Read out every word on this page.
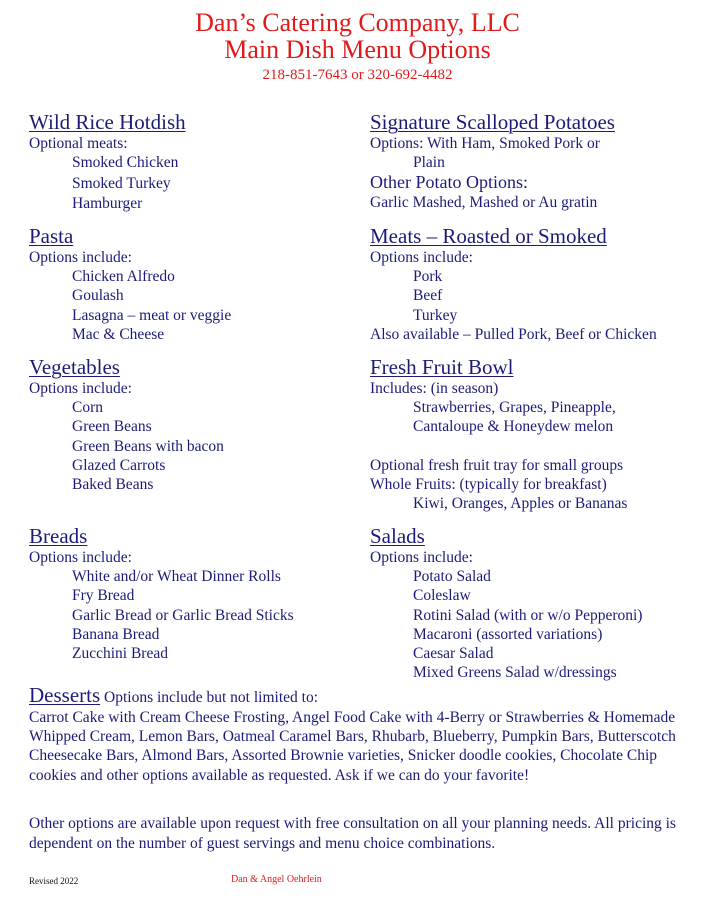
Dan’s Catering Company, LLC
Main Dish Menu Options
218-851-7643 or 320-692-4482
Wild Rice Hotdish
Optional meats:
Smoked Chicken
Smoked Turkey
Hamburger
Pasta
Options include:
Chicken Alfredo
Goulash
Lasagna – meat or veggie
Mac & Cheese
Vegetables
Options include:
Corn
Green Beans
Green Beans with bacon
Glazed Carrots
Baked Beans
Breads
Options include:
White and/or Wheat Dinner Rolls
Fry Bread
Garlic Bread or Garlic Bread Sticks
Banana Bread
Zucchini Bread
Signature Scalloped Potatoes
Options: With Ham, Smoked Pork or
Plain
Other Potato Options:
Garlic Mashed, Mashed or Au gratin
Meats – Roasted or Smoked
Options include:
Pork
Beef
Turkey
Also available – Pulled Pork, Beef or Chicken
Fresh Fruit Bowl
Includes: (in season)
Strawberries, Grapes, Pineapple,
Cantaloupe & Honeydew melon
Optional fresh fruit tray for small groups
Whole Fruits: (typically for breakfast)
Kiwi, Oranges, Apples or Bananas
Salads
Options include:
Potato Salad
Coleslaw
Rotini Salad (with or w/o Pepperoni)
Macaroni (assorted variations)
Caesar Salad
Mixed Greens Salad w/dressings
Desserts Options include but not limited to:
Carrot Cake with Cream Cheese Frosting, Angel Food Cake with 4-Berry or Strawberries & Homemade Whipped Cream, Lemon Bars, Oatmeal Caramel Bars, Rhubarb, Blueberry, Pumpkin Bars, Butterscotch Cheesecake Bars, Almond Bars, Assorted Brownie varieties, Snicker doodle cookies, Chocolate Chip cookies and other options available as requested. Ask if we can do your favorite!
Other options are available upon request with free consultation on all your planning needs. All pricing is dependent on the number of guest servings and menu choice combinations.
Revised 2022	Dan & Angel Oehrlein
